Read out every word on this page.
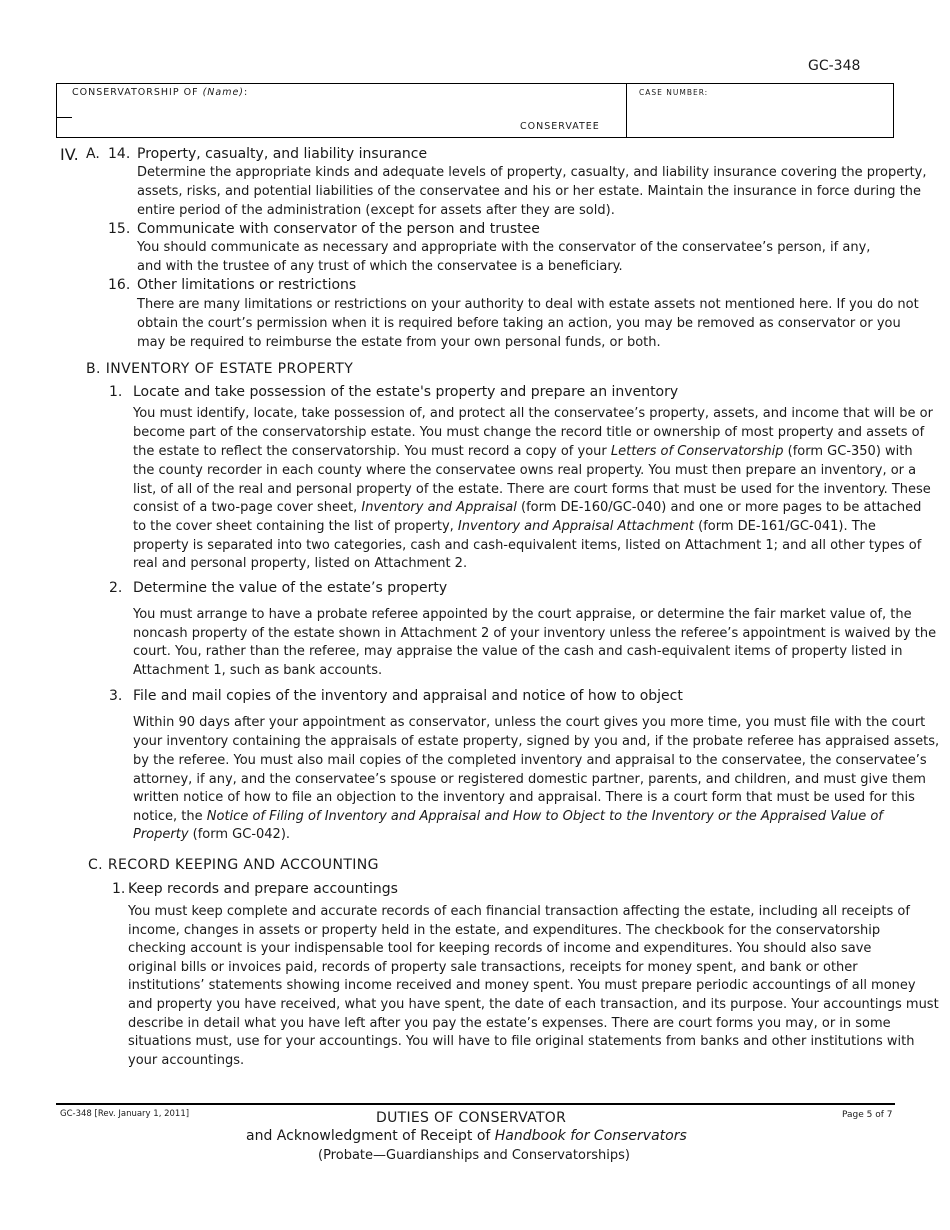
GC-348
CONSERVATORSHIP OF (Name):
CONSERVATEE
CASE NUMBER:
IV. A. 14. Property, casualty, and liability insurance
Determine the appropriate kinds and adequate levels of property, casualty, and liability insurance covering the property,
assets, risks, and potential liabilities of the conservatee and his or her estate. Maintain the insurance in force during the
entire period of the administration (except for assets after they are sold).
15. Communicate with conservator of the person and trustee
You should communicate as necessary and appropriate with the conservator of the conservatee’s person, if any,
and with the trustee of any trust of which the conservatee is a beneficiary.
16. Other limitations or restrictions
There are many limitations or restrictions on your authority to deal with estate assets not mentioned here. If you do not
obtain the court’s permission when it is required before taking an action, you may be removed as conservator or you
may be required to reimburse the estate from your own personal funds, or both.
B. INVENTORY OF ESTATE PROPERTY
1. Locate and take possession of the estate's property and prepare an inventory
You must identify, locate, take possession of, and protect all the conservatee’s property, assets, and income that will be or
become part of the conservatorship estate. You must change the record title or ownership of most property and assets of
the estate to reflect the conservatorship. You must record a copy of your Letters of Conservatorship (form GC-350) with
the county recorder in each county where the conservatee owns real property. You must then prepare an inventory, or a
list, of all of the real and personal property of the estate. There are court forms that must be used for the inventory. These
consist of a two-page cover sheet, Inventory and Appraisal (form DE-160/GC-040) and one or more pages to be attached
to the cover sheet containing the list of property, Inventory and Appraisal Attachment (form DE-161/GC-041). The
property is separated into two categories, cash and cash-equivalent items, listed on Attachment 1; and all other types of
real and personal property, listed on Attachment 2.
2. Determine the value of the estate’s property
You must arrange to have a probate referee appointed by the court appraise, or determine the fair market value of, the
noncash property of the estate shown in Attachment 2 of your inventory unless the referee’s appointment is waived by the
court. You, rather than the referee, may appraise the value of the cash and cash-equivalent items of property listed in
Attachment 1, such as bank accounts.
3. File and mail copies of the inventory and appraisal and notice of how to object
Within 90 days after your appointment as conservator, unless the court gives you more time, you must file with the court
your inventory containing the appraisals of estate property, signed by you and, if the probate referee has appraised assets,
by the referee. You must also mail copies of the completed inventory and appraisal to the conservatee, the conservatee’s
attorney, if any, and the conservatee’s spouse or registered domestic partner, parents, and children, and must give them
written notice of how to file an objection to the inventory and appraisal. There is a court form that must be used for this
notice, the Notice of Filing of Inventory and Appraisal and How to Object to the Inventory or the Appraised Value of
Property (form GC-042).
C. RECORD KEEPING AND ACCOUNTING
1. Keep records and prepare accountings
You must keep complete and accurate records of each financial transaction affecting the estate, including all receipts of
income, changes in assets or property held in the estate, and expenditures. The checkbook for the conservatorship
checking account is your indispensable tool for keeping records of income and expenditures. You should also save
original bills or invoices paid, records of property sale transactions, receipts for money spent, and bank or other
institutions’ statements showing income received and money spent. You must prepare periodic accountings of all money
and property you have received, what you have spent, the date of each transaction, and its purpose. Your accountings must
describe in detail what you have left after you pay the estate’s expenses. There are court forms you may, or in some
situations must, use for your accountings. You will have to file original statements from banks and other institutions with
your accountings.
GC-348 [Rev. January 1, 2011]	DUTIES OF CONSERVATOR
and Acknowledgment of Receipt of Handbook for Conservators
(Probate—Guardianships and Conservatorships)
Page 5 of 7
